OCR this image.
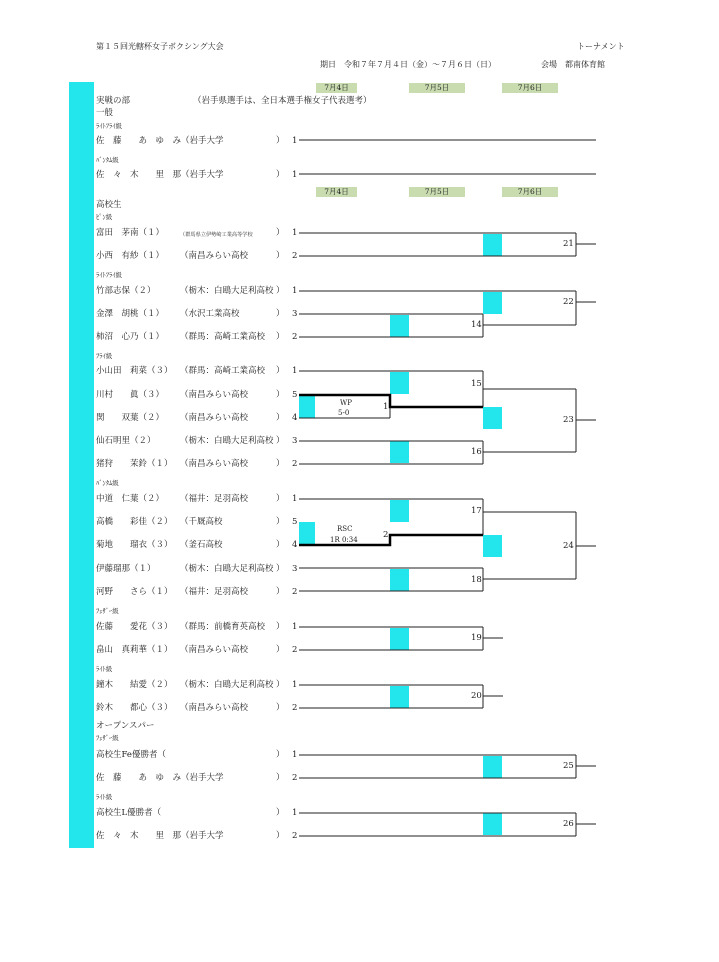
第１５回光轄杯女子ボクシング大会	トーナメント
期日　令和７年７月４日（金）～７月６日（日）	会場　都南体育館
7月4日	7月5日	7月6日
7月4日	7月5日	7月6日
実戦の部
一般
（岩手県選手は、全日本選手権女子代表選考）
ﾗｲﾄﾌﾗｲ級
佐　藤　　あ　ゆ　み（岩手大学	） 1
ﾊﾞﾝﾀﾑ級
佐　々　木　　里　那（岩手大学	） 1
高校生
ﾋﾟﾝ級
富田　茅南（１）	（群馬県立伊勢崎工業高等学校	） 1
小西　有紗（１） （南昌みらい高校	） 2
ﾗｲﾄﾌﾗｲ級
竹部志保（２）	（栃木：白鴎大足利高校 ） 1
金澤　胡桃（１） （水沢工業高校	） 3
柿沼　心乃（１） （群馬：高崎工業高校 ） 2
ﾌﾗｲ級
小山田　莉菜（３） （群馬：高崎工業高校 ） 1
川村　　眞（３） （南昌みらい高校	） 5
関　　双葉（２） （南昌みらい高校	） 4
仙石明里（２）	（栃木：白鴎大足利高校 ） 3
猪狩　　茉鈴（１） （南昌みらい高校	） 2
ﾊﾞﾝﾀﾑ級
中道　仁葉（２） （福井：足羽高校	） 1
高橋　　彩佳（２） （千厩高校	） 5
菊地　　瑠衣（３） （釜石高校	） 4
伊藤瑠那（１）	（栃木：白鴎大足利高校 ） 3
河野　　さら（１） （福井：足羽高校	） 2
ﾌｪｻﾞｰ級
佐藤　　愛花（３） （群馬：前橋育英高校 ） 1
畠山　真莉華（１） （南昌みらい高校	） 2
ﾗｲﾄ級
鐘木　　結愛（２） （栃木：白鴎大足利高校 ） 1
鈴木　　都心（３） （南昌みらい高校	） 2
オープンスパー
ﾌｪｻﾞｰ級
高校生Fe優勝者（	） 1
佐　藤　　あ　ゆ　み（岩手大学	） 2
ﾗｲﾄ級
高校生L優勝者（	） 1
佐　々　木　　里　那（岩手大学	） 2
1
2
14
15
16
17
18
19
20
21
22
23
24
25
26
WP
5-0
RSC
1R 0:34
